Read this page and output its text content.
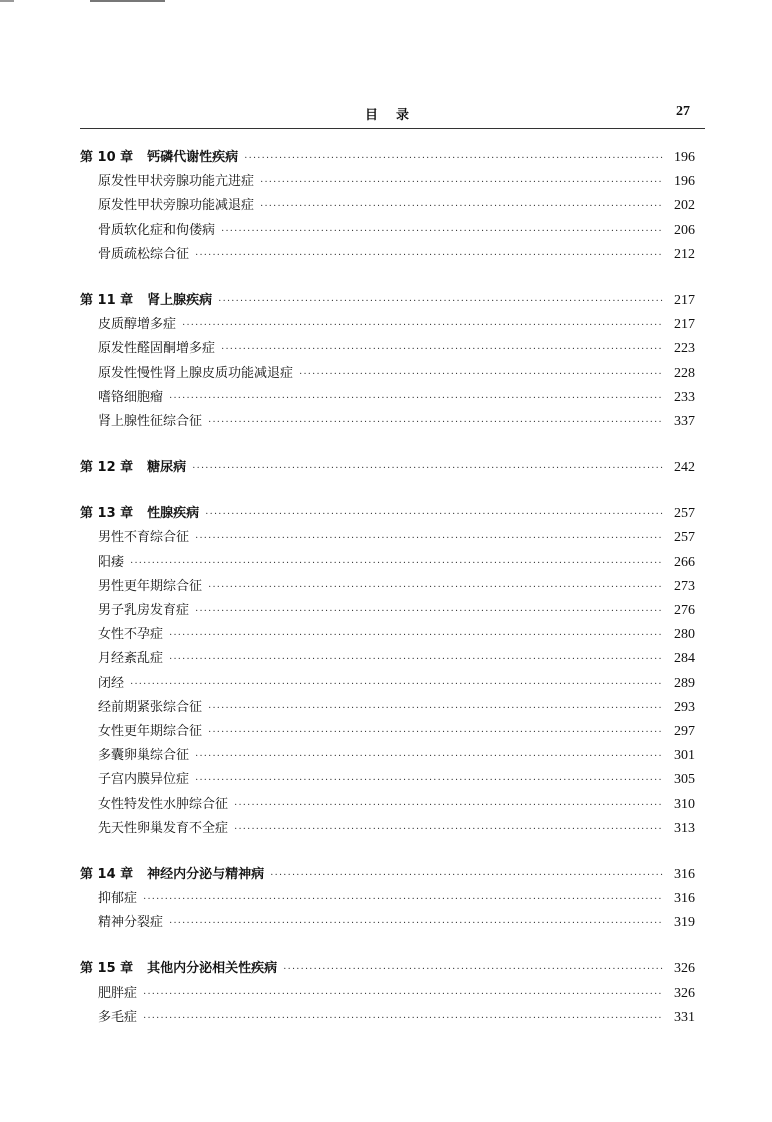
目录	27
第 10 章 钙磷代谢性疾病 ·····	196
原发性甲状旁腺功能亢进症 ·····	196
原发性甲状旁腺功能减退症 ·····	202
骨质软化症和佝偻病 ·····	206
骨质疏松综合征 ·····	212
第 11 章 肾上腺疾病 ·····	217
皮质醇增多症 ·····	217
原发性醛固酮增多症 ·····	223
原发性慢性肾上腺皮质功能减退症 ·····	228
嗜铬细胞瘤 ·····	233
肾上腺性征综合征 ·····	337
第 12 章 糖尿病 ·····	242
第 13 章 性腺疾病 ·····	257
男性不育综合征 ·····	257
阳痿 ·····	266
男性更年期综合征 ·····	273
男子乳房发育症 ·····	276
女性不孕症 ·····	280
月经紊乱症 ·····	284
闭经 ·····	289
经前期紧张综合征 ·····	293
女性更年期综合征 ·····	297
多囊卵巢综合征 ·····	301
子宫内膜异位症 ·····	305
女性特发性水肿综合征 ·····	310
先天性卵巢发育不全症 ·····	313
第 14 章 神经内分泌与精神病 ·····	316
抑郁症 ·····	316
精神分裂症 ·····	319
第 15 章 其他内分泌相关性疾病 ·····	326
肥胖症 ·····	326
多毛症 ·····	331
